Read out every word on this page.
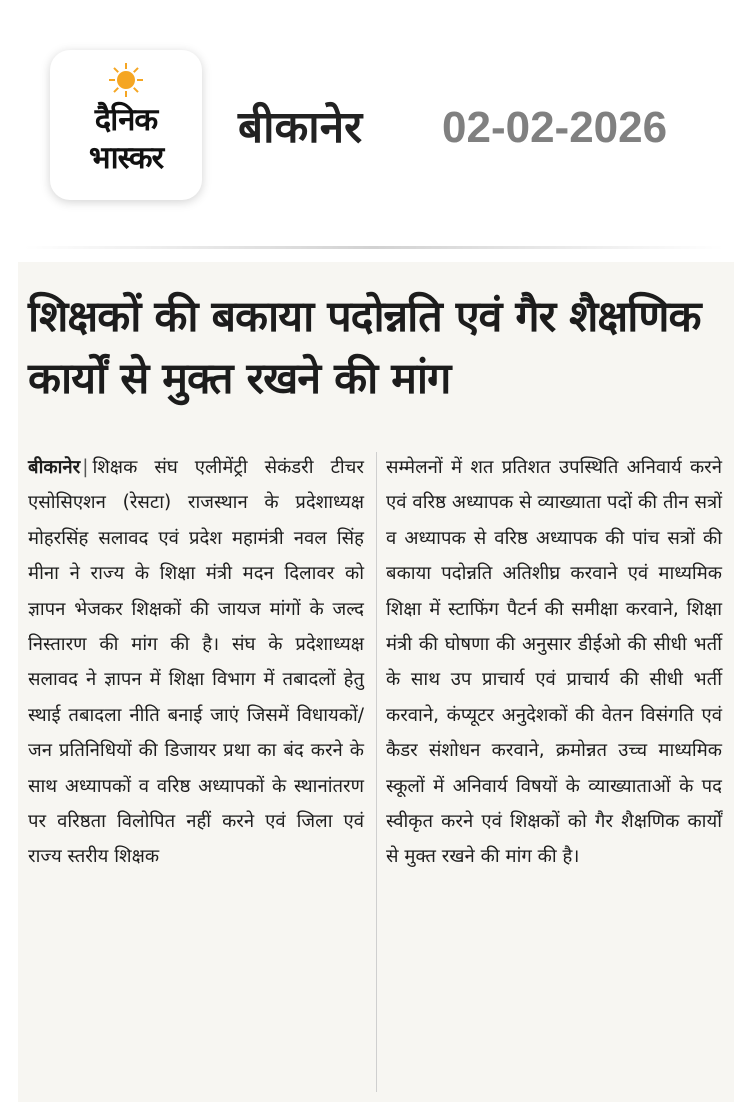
दैनिक
भास्कर
बीकानेर 02-02-2026
शिक्षकों की बकाया पदोन्नति एवं गैर शैक्षणिक कार्यों से मुक्त रखने की मांग
बीकानेर | शिक्षक संघ एलीमेंट्री सेकंडरी टीचर एसोसिएशन (रेसटा) राजस्थान के प्रदेशाध्यक्ष मोहरसिंह सलावद एवं प्रदेश महामंत्री नवल सिंह मीना ने राज्य के शिक्षा मंत्री मदन दिलावर को ज्ञापन भेजकर शिक्षकों की जायज मांगों के जल्द निस्तारण की मांग की है। संघ के प्रदेशाध्यक्ष सलावद ने ज्ञापन में शिक्षा विभाग में तबादलों हेतु स्थाई तबादला नीति बनाई जाएं जिसमें विधायकों/जन प्रतिनिधियों की डिजायर प्रथा का बंद करने के साथ अध्यापकों व वरिष्ठ अध्यापकों के स्थानांतरण पर वरिष्ठता विलोपित नहीं करने एवं जिला एवं राज्य स्तरीय शिक्षक
सम्मेलनों में शत प्रतिशत उपस्थिति अनिवार्य करने एवं वरिष्ठ अध्यापक से व्याख्याता पदों की तीन सत्रों व अध्यापक से वरिष्ठ अध्यापक की पांच सत्रों की बकाया पदोन्नति अतिशीघ्र करवाने एवं माध्यमिक शिक्षा में स्टाफिंग पैटर्न की समीक्षा करवाने, शिक्षा मंत्री की घोषणा की अनुसार डीईओ की सीधी भर्ती के साथ उप प्राचार्य एवं प्राचार्य की सीधी भर्ती करवाने, कंप्यूटर अनुदेशकों की वेतन विसंगति एवं कैडर संशोधन करवाने, क्रमोन्नत उच्च माध्यमिक स्कूलों में अनिवार्य विषयों के व्याख्याताओं के पद स्वीकृत करने एवं शिक्षकों को गैर शैक्षणिक कार्यों से मुक्त रखने की मांग की है।
